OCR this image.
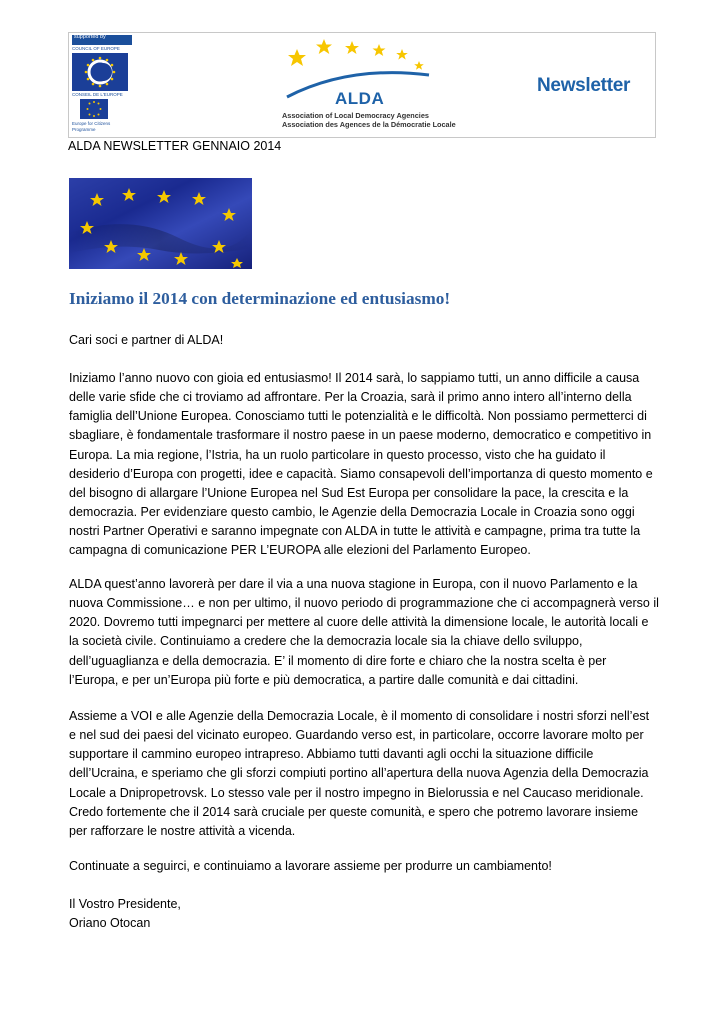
supported by
COUNCIL OF EUROPE
CONSEIL DE L'EUROPE
Europe for Citizens
Programme
ALDA
Association of Local Democracy Agencies
Association des Agences de la Démocratie Locale
Newsletter
ALDA NEWSLETTER GENNAIO 2014
Iniziamo il 2014 con determinazione ed entusiasmo!

Cari soci e partner di ALDA!

Iniziamo l’anno nuovo con gioia ed entusiasmo! Il 2014 sarà, lo sappiamo tutti, un anno difficile a causa delle varie sfide che ci troviamo ad affrontare. Per la Croazia, sarà il primo anno intero all’interno della famiglia dell’Unione Europea. Conosciamo tutti le potenzialità e le difficoltà. Non possiamo permetterci di sbagliare, è fondamentale trasformare il nostro paese in un paese moderno, democratico e competitivo in Europa. La mia regione, l’Istria, ha un ruolo particolare in questo processo, visto che ha guidato il desiderio d’Europa con progetti, idee e capacità. Siamo consapevoli dell’importanza di questo momento e del bisogno di allargare l’Unione Europea nel Sud Est Europa per consolidare la pace, la crescita e la democrazia. Per evidenziare questo cambio, le Agenzie della Democrazia Locale in Croazia sono oggi nostri Partner Operativi e saranno impegnate con ALDA in tutte le attività e campagne, prima tra tutte la campagna di comunicazione PER L’EUROPA alle elezioni del Parlamento Europeo.

ALDA quest’anno lavorerà per dare il via a una nuova stagione in Europa, con il nuovo Parlamento e la nuova Commissione… e non per ultimo, il nuovo periodo di programmazione che ci accompagnerà verso il 2020. Dovremo tutti impegnarci per mettere al cuore delle attività la dimensione locale, le autorità locali e la società civile. Continuiamo a credere che la democrazia locale sia la chiave dello sviluppo, dell’uguaglianza e della democrazia. E’ il momento di dire forte e chiaro che la nostra scelta è per l’Europa, e per un’Europa più forte e più democratica, a partire dalle comunità e dai cittadini.

Assieme a VOI e alle Agenzie della Democrazia Locale, è il momento di consolidare i nostri sforzi nell’est e nel sud dei paesi del vicinato europeo. Guardando verso est, in particolare, occorre lavorare molto per supportare il cammino europeo intrapreso. Abbiamo tutti davanti agli occhi la situazione difficile dell’Ucraina, e speriamo che gli sforzi compiuti portino all’apertura della nuova Agenzia della Democrazia Locale a Dnipropetrovsk. Lo stesso vale per il nostro impegno in Bielorussia e nel Caucaso meridionale. Credo fortemente che il 2014 sarà cruciale per queste comunità, e spero che potremo lavorare insieme per rafforzare le nostre attività a vicenda.

Continuate a seguirci, e continuiamo a lavorare assieme per produrre un cambiamento!

Il Vostro Presidente,

Oriano Otocan
